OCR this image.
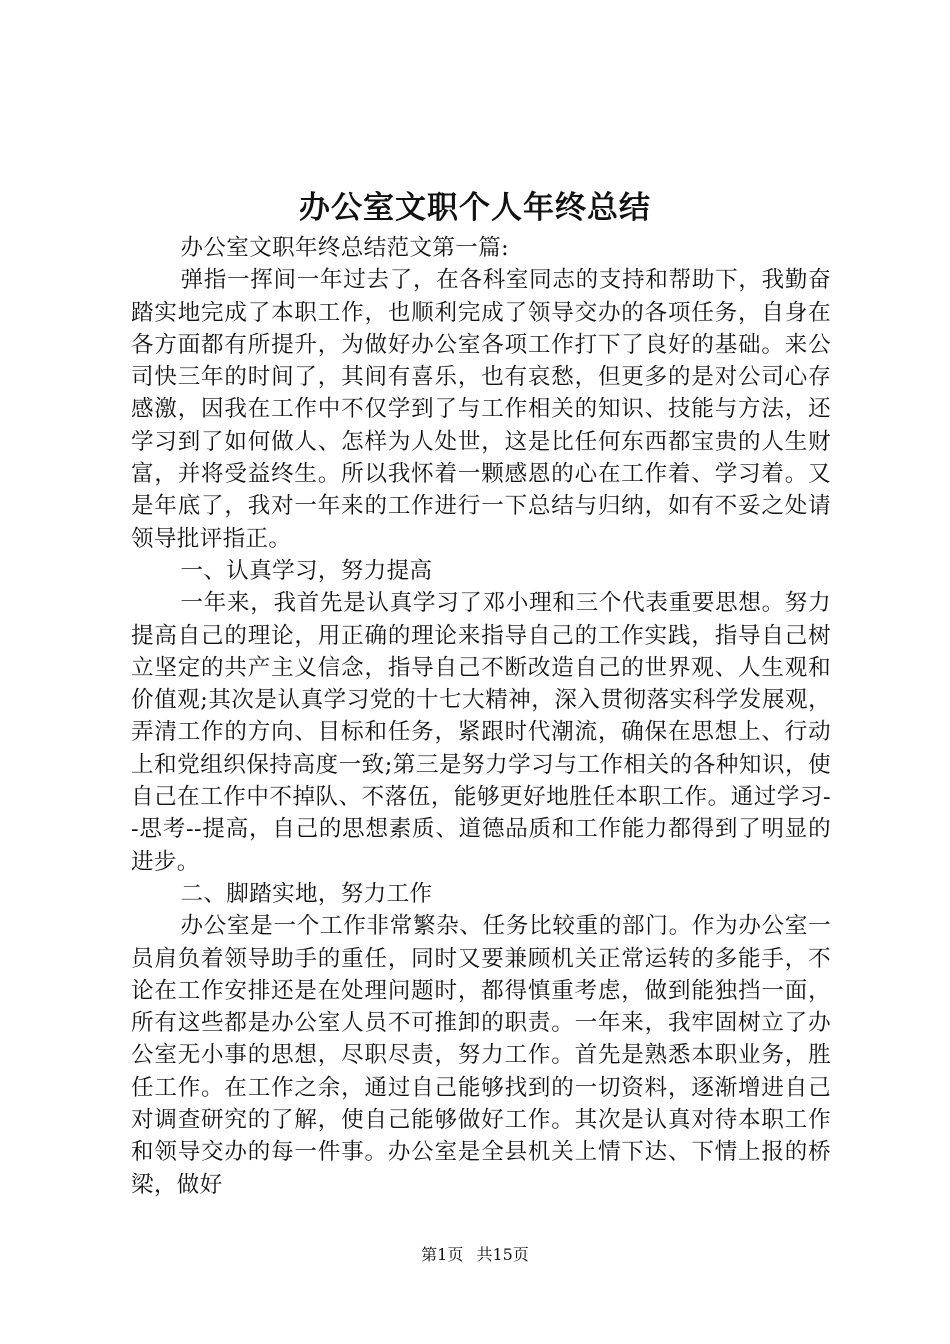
办公室文职个人年终总结

办公室文职年终总结范文第一篇:

弹指一挥间一年过去了，在各科室同志的支持和帮助下，我勤奋踏实地完成了本职工作，也顺利完成了领导交办的各项任务，自身在各方面都有所提升，为做好办公室各项工作打下了良好的基础。来公司快三年的时间了，其间有喜乐，也有哀愁，但更多的是对公司心存感激，因我在工作中不仅学到了与工作相关的知识、技能与方法，还学习到了如何做人、怎样为人处世，这是比任何东西都宝贵的人生财富，并将受益终生。所以我怀着一颗感恩的心在工作着、学习着。又是年底了，我对一年来的工作进行一下总结与归纳，如有不妥之处请领导批评指正。

一、认真学习，努力提高

一年来，我首先是认真学习了邓小理和三个代表重要思想。努力提高自己的理论，用正确的理论来指导自己的工作实践，指导自己树立坚定的共产主义信念，指导自己不断改造自己的世界观、人生观和价值观;其次是认真学习党的十七大精神，深入贯彻落实科学发展观，弄清工作的方向、目标和任务，紧跟时代潮流，确保在思想上、行动上和党组织保持高度一致;第三是努力学习与工作相关的各种知识，使自己在工作中不掉队、不落伍，能够更好地胜任本职工作。通过学习--思考--提高，自己的思想素质、道德品质和工作能力都得到了明显的进步。

二、脚踏实地，努力工作

办公室是一个工作非常繁杂、任务比较重的部门。作为办公室一员肩负着领导助手的重任，同时又要兼顾机关正常运转的多能手，不论在工作安排还是在处理问题时，都得慎重考虑，做到能独挡一面，所有这些都是办公室人员不可推卸的职责。一年来，我牢固树立了办公室无小事的思想，尽职尽责，努力工作。首先是熟悉本职业务，胜任工作。在工作之余，通过自己能够找到的一切资料，逐渐增进自己对调查研究的了解，使自己能够做好工作。其次是认真对待本职工作和领导交办的每一件事。办公室是全县机关上情下达、下情上报的桥梁，做好

第1页 共15页
